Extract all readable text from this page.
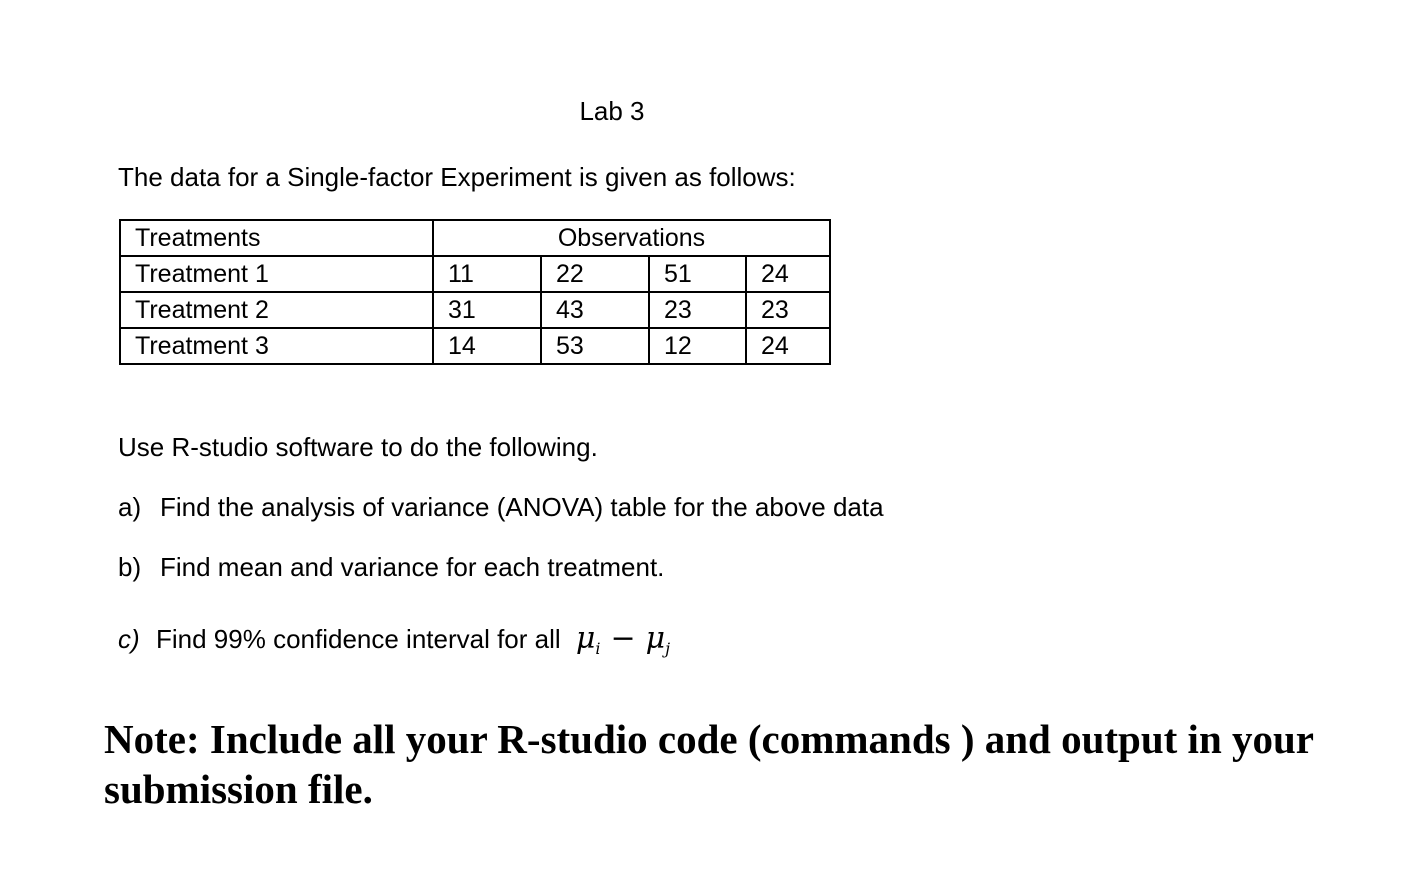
Lab 3
The data for a Single-factor Experiment is given as follows:
Treatments	Observations			
Treatment 1	11	22	51	24
Treatment 2	31	43	23	23
Treatment 3	14	53	12	24
Use R-studio software to do the following.
a) Find the analysis of variance (ANOVA) table for the above data
b) Find mean and variance for each treatment.
c) Find 99% confidence interval for all $\mu_i - \mu_j$
Note: Include all your R-studio code (commands ) and output in your submission file.
